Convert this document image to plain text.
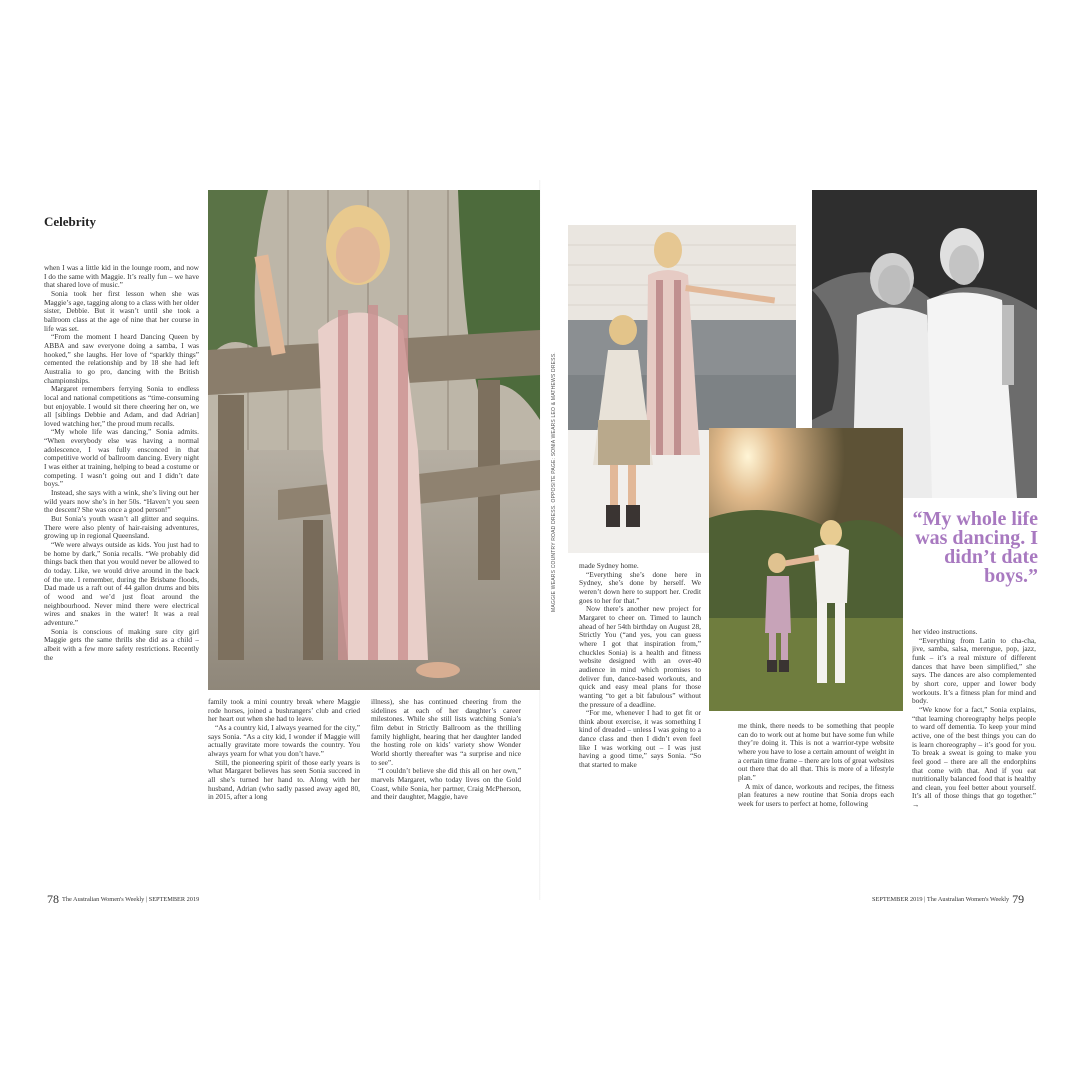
Celebrity
“My whole life was dancing. I didn’t date boys.”
MAGGIE WEARS COUNTRY ROAD DRESS. OPPOSITE PAGE: SONIA WEARS LEO & MATHEWS DRESS.

when I was a little kid in the lounge room, and now I do the same with Maggie. It’s really fun – we have that shared love of music.”

Sonia took her first lesson when she was Maggie’s age, tagging along to a class with her older sister, Debbie. But it wasn’t until she took a ballroom class at the age of nine that her course in life was set.

“From the moment I heard Dancing Queen by ABBA and saw everyone doing a samba, I was hooked,” she laughs. Her love of “sparkly things” cemented the relationship and by 18 she had left Australia to go pro, dancing with the British championships.

Margaret remembers ferrying Sonia to endless local and national competitions as “time-consuming but enjoyable. I would sit there cheering her on, we all [siblings Debbie and Adam, and dad Adrian] loved watching her,” the proud mum recalls.

“My whole life was dancing,” Sonia admits. “When everybody else was having a normal adolescence, I was fully ensconced in that competitive world of ballroom dancing. Every night I was either at training, helping to bead a costume or competing. I wasn’t going out and I didn’t date boys.”

Instead, she says with a wink, she’s living out her wild years now she’s in her 50s. “Haven’t you seen the descent? She was once a good person!”

But Sonia’s youth wasn’t all glitter and sequins. There were also plenty of hair-raising adventures, growing up in regional Queensland.

“We were always outside as kids. You just had to be home by dark,” Sonia recalls. “We probably did things back then that you would never be allowed to do today. Like, we would drive around in the back of the ute. I remember, during the Brisbane floods, Dad made us a raft out of 44 gallon drums and bits of wood and we’d just float around the neighbourhood. Never mind there were electrical wires and snakes in the water! It was a real adventure.”

Sonia is conscious of making sure city girl Maggie gets the same thrills she did as a child – albeit with a few more safety restrictions. Recently the

family took a mini country break where Maggie rode horses, joined a bushrangers’ club and cried her heart out when she had to leave.

“As a country kid, I always yearned for the city,” says Sonia. “As a city kid, I wonder if Maggie will actually gravitate more towards the country. You always yearn for what you don’t have.”

Still, the pioneering spirit of those early years is what Margaret believes has seen Sonia succeed in all she’s turned her hand to. Along with her husband, Adrian (who sadly passed away aged 80, in 2015, after a long

illness), she has continued cheering from the sidelines at each of her daughter’s career milestones. While she still lists watching Sonia’s film debut in Strictly Ballroom as the thrilling family highlight, hearing that her daughter landed the hosting role on kids’ variety show Wonder World shortly thereafter was “a surprise and nice to see”.

“I couldn’t believe she did this all on her own,” marvels Margaret, who today lives on the Gold Coast, while Sonia, her partner, Craig McPherson, and their daughter, Maggie, have

made Sydney home.

“Everything she’s done here in Sydney, she’s done by herself. We weren’t down here to support her. Credit goes to her for that.”

Now there’s another new project for Margaret to cheer on. Timed to launch ahead of her 54th birthday on August 28, Strictly You (“and yes, you can guess where I got that inspiration from,” chuckles Sonia) is a health and fitness website designed with an over-40 audience in mind which promises to deliver fun, dance-based workouts, and quick and easy meal plans for those wanting “to get a bit fabulous” without the pressure of a deadline.

“For me, whenever I had to get fit or think about exercise, it was something I kind of dreaded – unless I was going to a dance class and then I didn’t even feel like I was working out – I was just having a good time,” says Sonia. “So that started to make

me think, there needs to be something that people can do to work out at home but have some fun while they’re doing it. This is not a warrior-type website where you have to lose a certain amount of weight in a certain time frame – there are lots of great websites out there that do all that. This is more of a lifestyle plan.”

A mix of dance, workouts and recipes, the fitness plan features a new routine that Sonia drops each week for users to perfect at home, following

her video instructions.

“Everything from Latin to cha-cha, jive, samba, salsa, merengue, pop, jazz, funk – it’s a real mixture of different dances that have been simplified,” she says. The dances are also complemented by short core, upper and lower body workouts. It’s a fitness plan for mind and body.

“We know for a fact,” Sonia explains, “that learning choreography helps people to ward off dementia. To keep your mind active, one of the best things you can do is learn choreography – it’s good for you. To break a sweat is going to make you feel good – there are all the endorphins that come with that. And if you eat nutritionally balanced food that is healthy and clean, you feel better about yourself. It’s all of those things that go together.” →

78 The Australian Women's Weekly | SEPTEMBER 2019	SEPTEMBER 2019 | The Australian Women's Weekly 79
